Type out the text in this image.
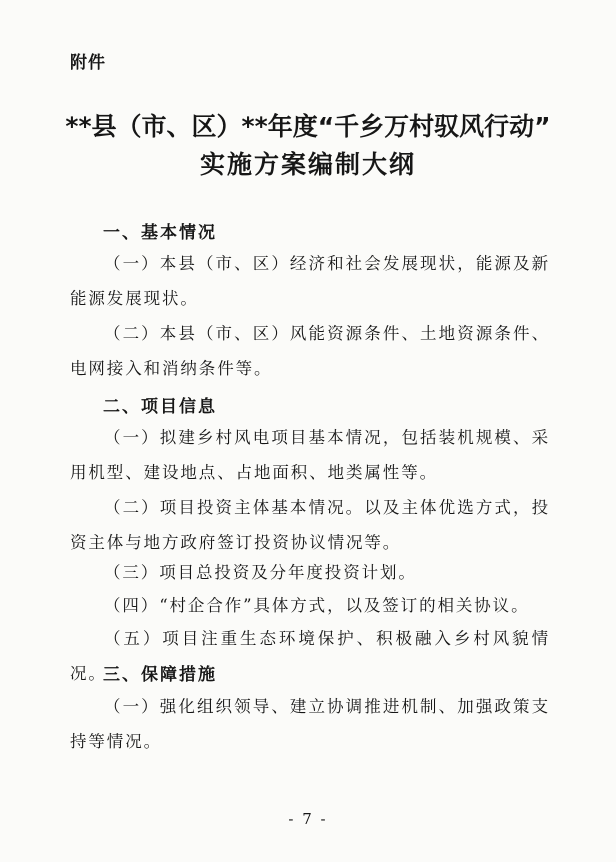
附件
**县（市、区）**年度“千乡万村驭风行动”
实施方案编制大纲
一、基本情况
（一）本县（市、区）经济和社会发展现状，能源及新能源发展现状。
（二）本县（市、区）风能资源条件、土地资源条件、电网接入和消纳条件等。
二、项目信息
（一）拟建乡村风电项目基本情况，包括装机规模、采用机型、建设地点、占地面积、地类属性等。
（二）项目投资主体基本情况。以及主体优选方式，投资主体与地方政府签订投资协议情况等。
（三）项目总投资及分年度投资计划。
（四）“村企合作”具体方式，以及签订的相关协议。
（五）项目注重生态环境保护、积极融入乡村风貌情况。
三、保障措施
（一）强化组织领导、建立协调推进机制、加强政策支持等情况。
- 7 -
